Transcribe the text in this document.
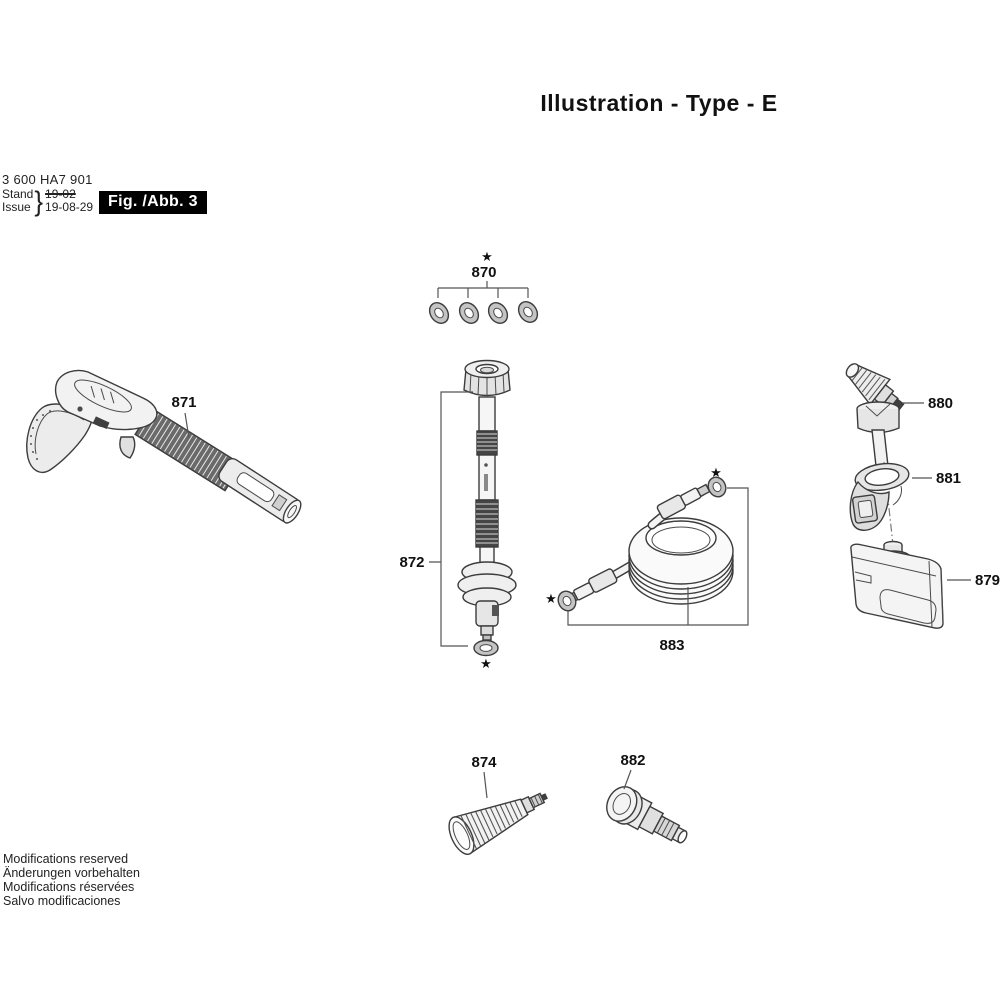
Illustration - Type - E
3 600 HA7 901
Stand
Issue } 19-02
19-08-29 Fig. /Abb. 3
★
870
871
★
872
★
★
883
880
881
879
874	882
Modifications reserved
Änderungen vorbehalten
Modifications réservées
Salvo modificaciones
